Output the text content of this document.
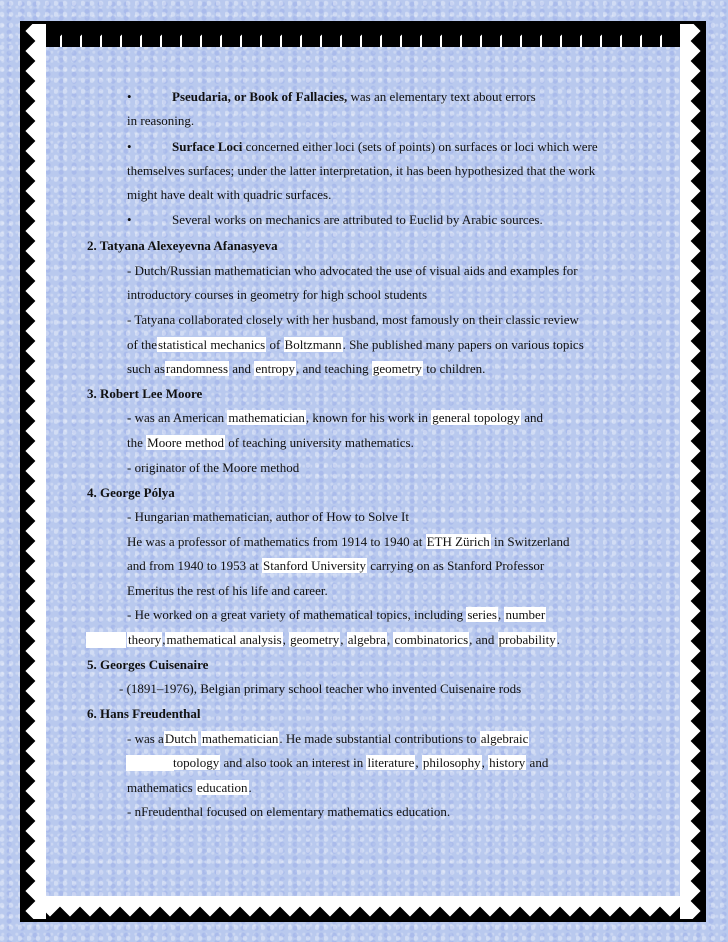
•	Pseudaria, or Book of Fallacies, was an elementary text about errors
in reasoning.
•	Surface Loci concerned either loci (sets of points) on surfaces or loci which were
themselves surfaces; under the latter interpretation, it has been hypothesized that the work
might have dealt with quadric surfaces.
•	Several works on mechanics are attributed to Euclid by Arabic sources.
2. Tatyana Alexeyevna Afanasyeva
- Dutch/Russian mathematician who advocated the use of visual aids and examples for
introductory courses in geometry for high school students
- Tatyana collaborated closely with her husband, most famously on their classic review
of thestatistical mechanics of Boltzmann. She published many papers on various topics
such asrandomness and entropy, and teaching geometry to children.
3. Robert Lee Moore
- was an American mathematician, known for his work in general topology and
the Moore method of teaching university mathematics.
- originator of the Moore method
4. George Pólya
- Hungarian mathematician, author of How to Solve It
He was a professor of mathematics from 1914 to 1940 at ETH Zürich in Switzerland
and from 1940 to 1953 at Stanford University carrying on as Stanford Professor
Emeritus the rest of his life and career.
- He worked on a great variety of mathematical topics, including series, number
theory,mathematical analysis, geometry, algebra, combinatorics, and probability.
5. Georges Cuisenaire
- (1891–1976), Belgian primary school teacher who invented Cuisenaire rods
6. Hans Freudenthal
- was aDutch mathematician. He made substantial contributions to algebraic
topology and also took an interest in literature, philosophy, history and
mathematics education.
- nFreudenthal focused on elementary mathematics education.
